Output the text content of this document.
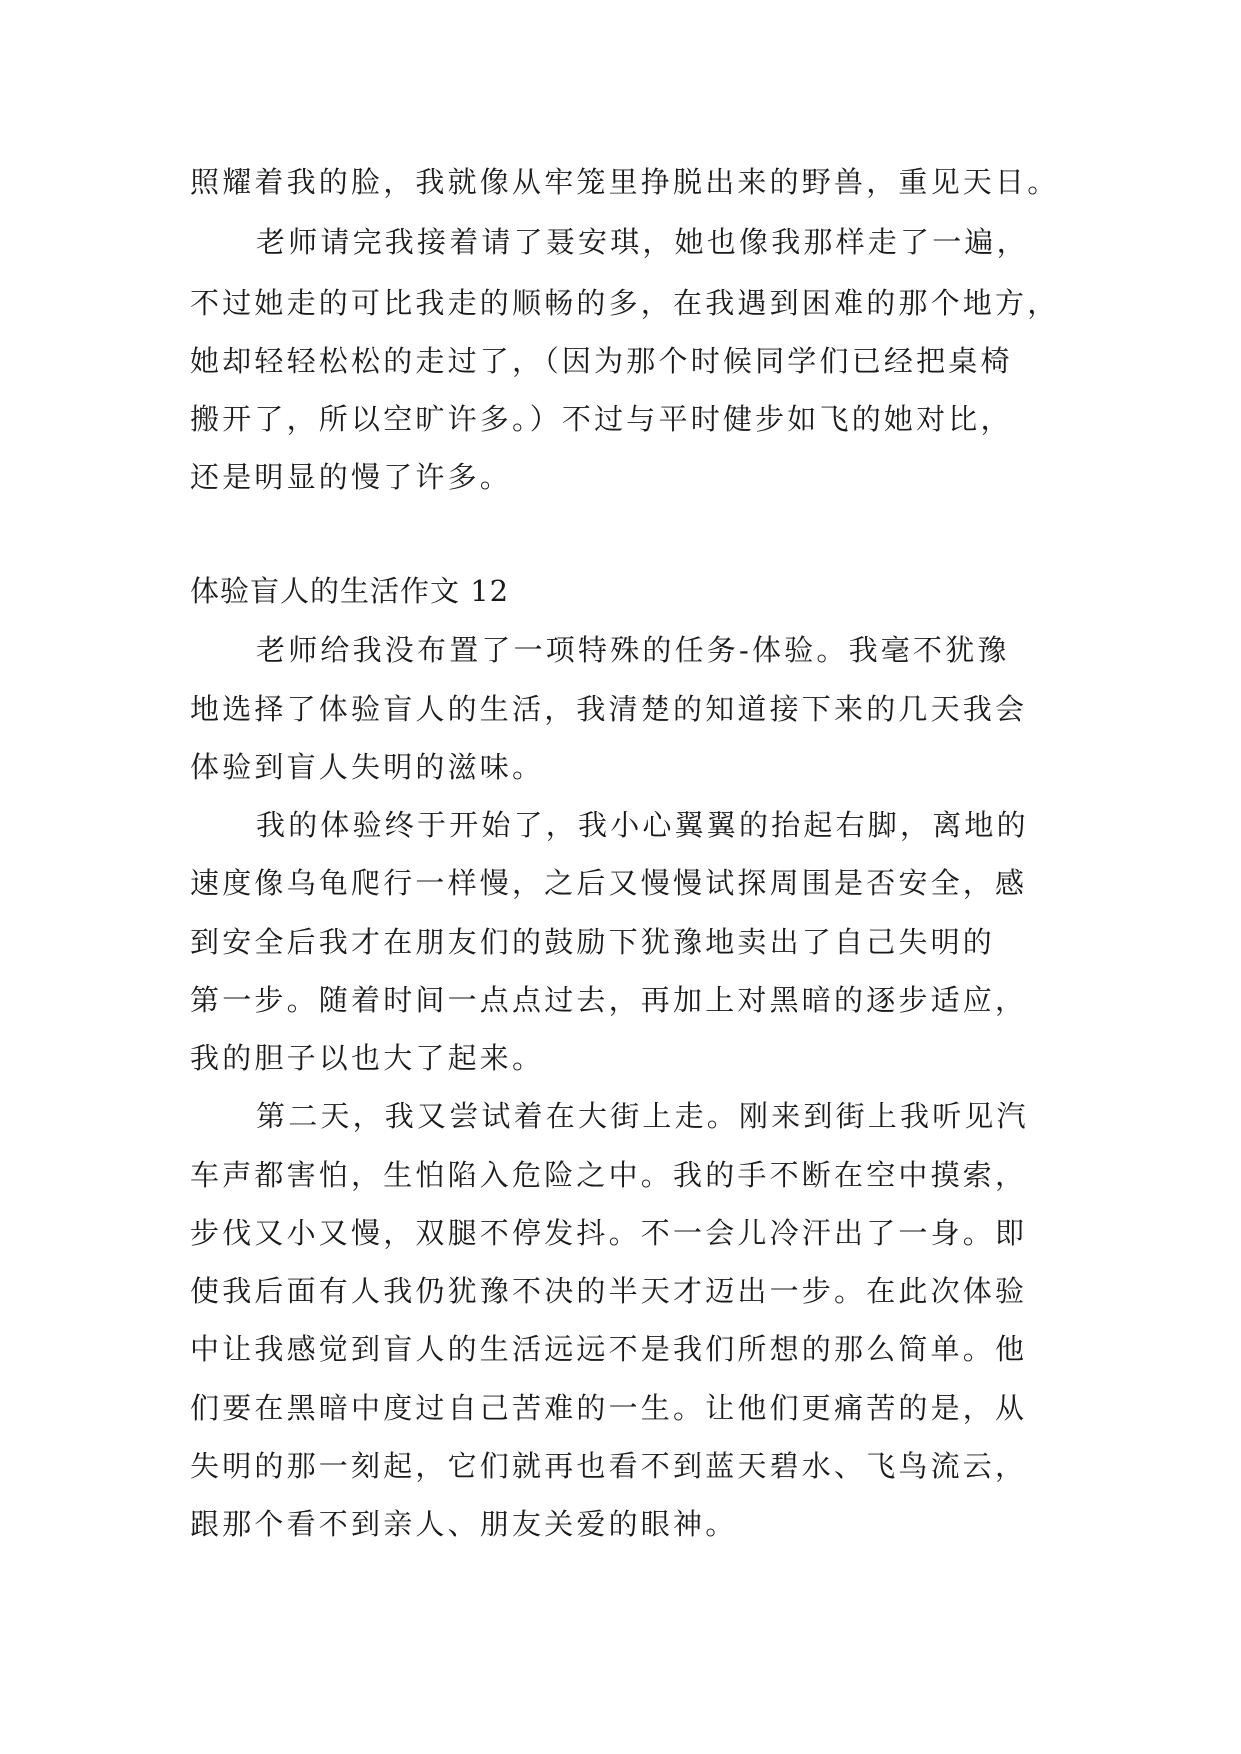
照耀着我的脸，我就像从牢笼里挣脱出来的野兽，重见天日。
老师请完我接着请了聂安琪，她也像我那样走了一遍，
不过她走的可比我走的顺畅的多，在我遇到困难的那个地方，
她却轻轻松松的走过了，（因为那个时候同学们已经把桌椅
搬开了，所以空旷许多。）不过与平时健步如飞的她对比，
还是明显的慢了许多。
体验盲人的生活作文 12
老师给我没布置了一项特殊的任务-体验。我毫不犹豫
地选择了体验盲人的生活，我清楚的知道接下来的几天我会
体验到盲人失明的滋味。
我的体验终于开始了，我小心翼翼的抬起右脚，离地的
速度像乌龟爬行一样慢，之后又慢慢试探周围是否安全，感
到安全后我才在朋友们的鼓励下犹豫地卖出了自己失明的
第一步。随着时间一点点过去，再加上对黑暗的逐步适应，
我的胆子以也大了起来。
第二天，我又尝试着在大街上走。刚来到街上我听见汽
车声都害怕，生怕陷入危险之中。我的手不断在空中摸索，
步伐又小又慢，双腿不停发抖。不一会儿冷汗出了一身。即
使我后面有人我仍犹豫不决的半天才迈出一步。在此次体验
中让我感觉到盲人的生活远远不是我们所想的那么简单。他
们要在黑暗中度过自己苦难的一生。让他们更痛苦的是，从
失明的那一刻起，它们就再也看不到蓝天碧水、飞鸟流云，
跟那个看不到亲人、朋友关爱的眼神。
